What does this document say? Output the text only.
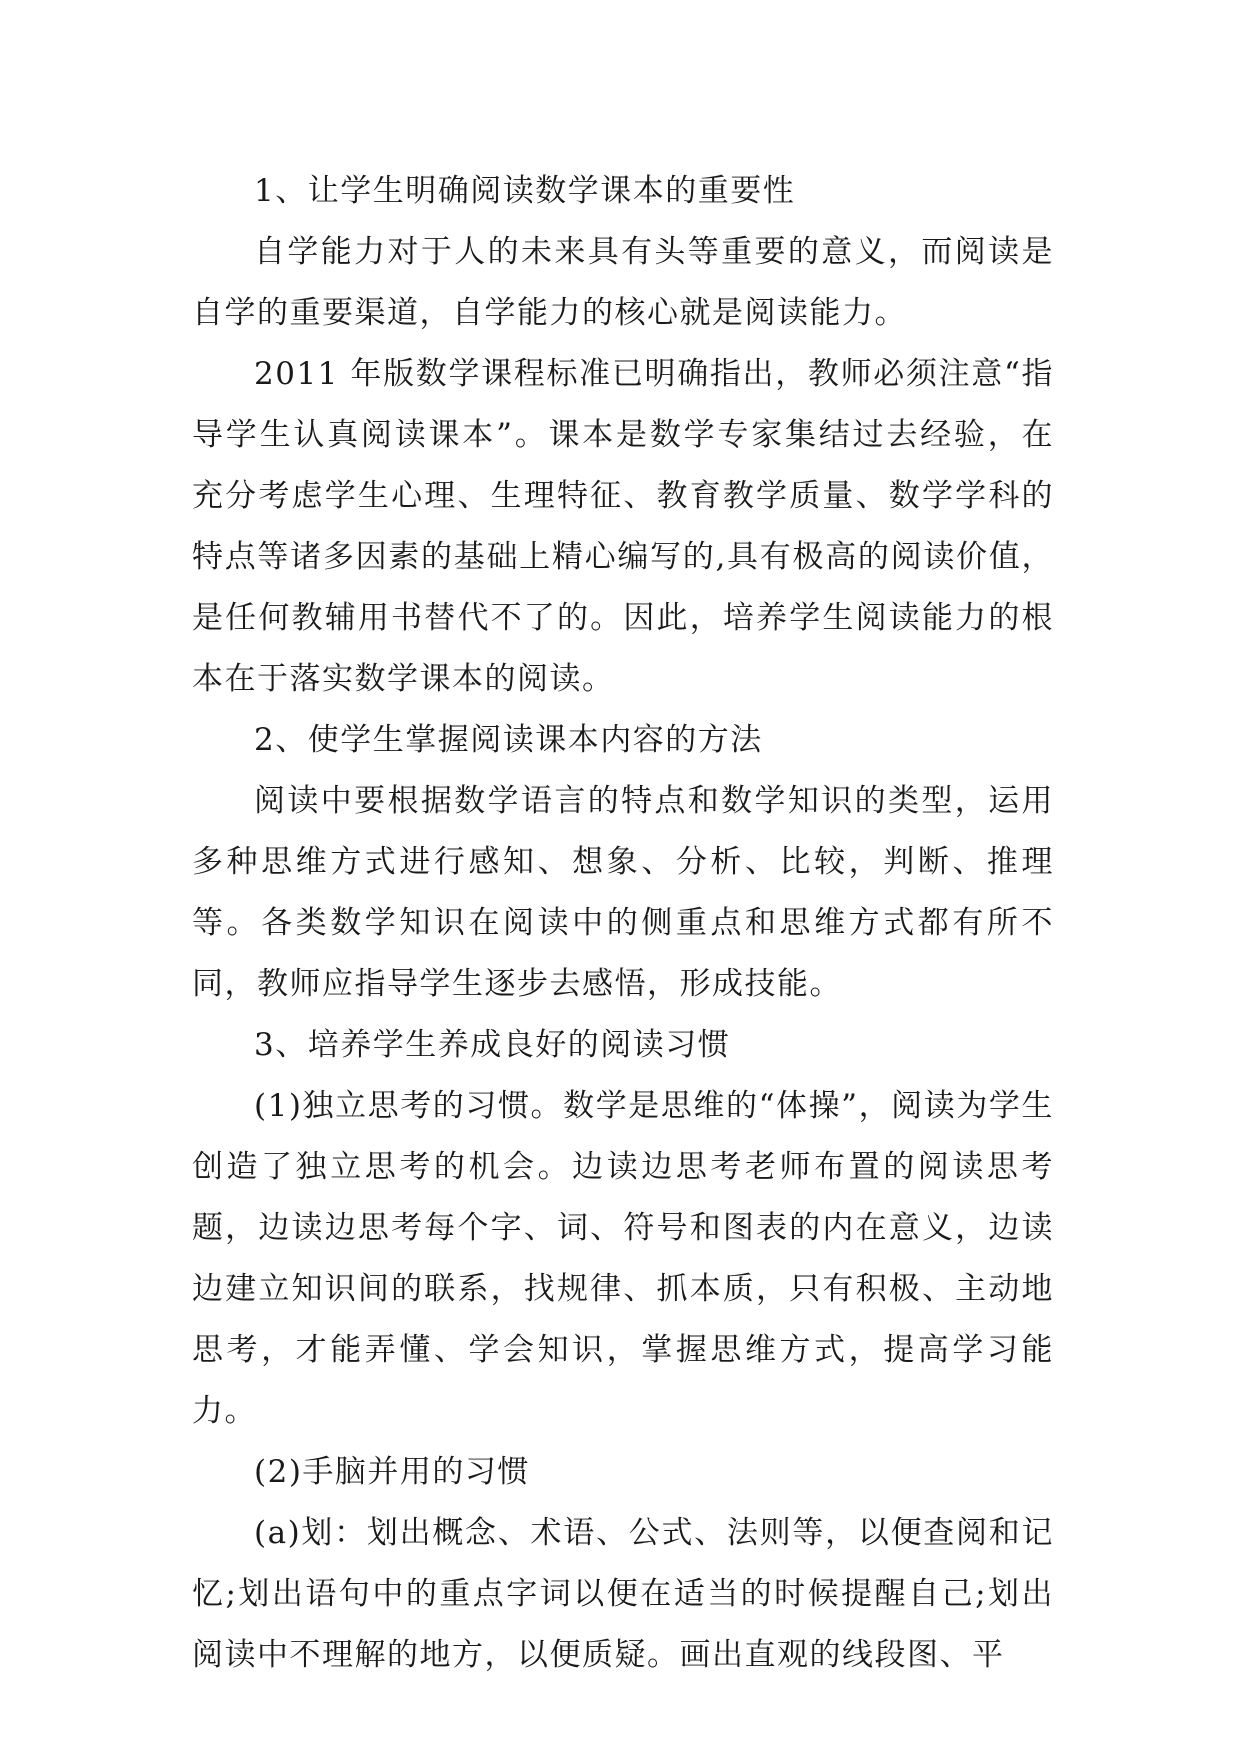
1、让学生明确阅读数学课本的重要性

自学能力对于人的未来具有头等重要的意义，而阅读是自学的重要渠道，自学能力的核心就是阅读能力。

2011 年版数学课程标准已明确指出，教师必须注意“指导学生认真阅读课本”。课本是数学专家集结过去经验，在充分考虑学生心理、生理特征、教育教学质量、数学学科的特点等诸多因素的基础上精心编写的,具有极高的阅读价值，是任何教辅用书替代不了的。因此，培养学生阅读能力的根本在于落实数学课本的阅读。

2、使学生掌握阅读课本内容的方法

阅读中要根据数学语言的特点和数学知识的类型，运用多种思维方式进行感知、想象、分析、比较，判断、推理等。各类数学知识在阅读中的侧重点和思维方式都有所不同，教师应指导学生逐步去感悟，形成技能。

3、培养学生养成良好的阅读习惯

(1)独立思考的习惯。数学是思维的“体操”，阅读为学生创造了独立思考的机会。边读边思考老师布置的阅读思考题，边读边思考每个字、词、符号和图表的内在意义，边读边建立知识间的联系，找规律、抓本质，只有积极、主动地思考，才能弄懂、学会知识，掌握思维方式，提高学习能力。

(2)手脑并用的习惯

(a)划：划出概念、术语、公式、法则等，以便查阅和记忆;划出语句中的重点字词以便在适当的时候提醒自己;划出阅读中不理解的地方，以便质疑。画出直观的线段图、平
